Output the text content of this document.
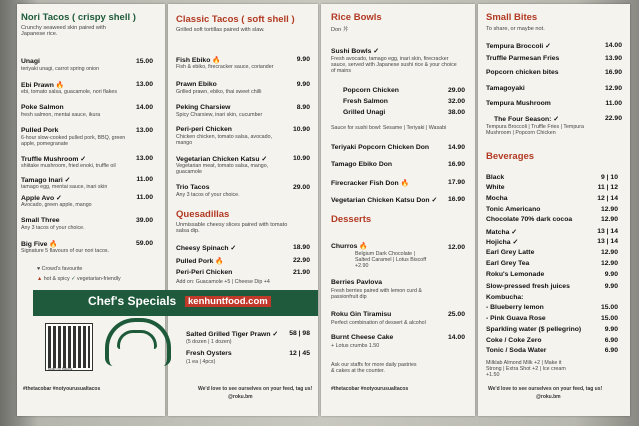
Nori Tacos ( crispy shell )
Crunchy seaweed skin paired with Japanese rice.
Unagi	15.00
teriyaki unagi, carrot spring onion
Ebi Prawn 🔥	13.00
ebi, tomato salsa, guacamole, nori flakes
Poke Salmon	14.00
fresh salmon, mentai sauce, ikura
Pulled Pork	13.00
6-hour slow-cooked pulled pork, BBQ, green apple, pomegranate
Truffle Mushroom ✓	13.00
shiitake mushroom, fried enoki, truffle oil
Tamago Inari ✓	11.00
tamago egg, mentai sauce, inari skin
Apple Avo ✓	11.00
Avocado, green apple, mango
Small Three	39.00
Any 3 tacos of your choice.
Big Five 🔥	59.00
Signature 5 flavours of our nori tacos.
♥ Crowd's favourite
▲ hot & spicy ✓ vegetarian-friendly
#thetacobar #notyourusualtacos
Classic Tacos ( soft shell )
Grilled soft tortillas paired with slaw.
Fish Ebiko 🔥	9.90
Fish & ebiko, firecracker sauce, coriander
Prawn Ebiko	9.90
Grilled prawn, ebiko, thai sweet chilli
Peking Charsiew	8.90
Spicy Charsiew, inari skin, cucumber
Peri-peri Chicken	10.90
Chicken chicken, tomato salsa, avocado, mango
Vegetarian Chicken Katsu ✓	10.90
Vegetarian meat, tomato salsa, mango, guacamole
Trio Tacos	29.00
Any 3 tacos of your choice.
Quesadillas
Unmissable cheesy slices paired with tomato salsa dip.
Cheesy Spinach ✓	18.90
Pulled Pork 🔥	22.90
Peri-Peri Chicken	21.90
Add on: Guacamole +5 | Cheese Dip +4
Salted Grilled Tiger Prawn ✓ 58 | 98
(5 dozen | 1 dozen)
Fresh Oysters	12 | 45
(1 ea | 4pcs)
We'd love to see ourselves on your feed, tag us!
@roku.bm
Chef's Specials	kenhuntfood.com
scan to follow
Rice Bowls
Don 丼
Sushi Bowls ✓
Fresh avocado, tamago egg, inari skin, firecracker sauce, served with Japanese sushi rice & your choice of mains
Popcorn Chicken	29.00
Fresh Salmon	32.00
Grilled Unagi	38.00
Sauce for sushi bowl: Sesame | Teriyaki | Wasabi
Teriyaki Popcorn Chicken Don	14.90
Tamago Ebiko Don	16.90
Firecracker Fish Don 🔥	17.90
Vegetarian Chicken Katsu Don ✓ 16.90
Desserts
Churros 🔥	12.00
Belgium Dark Chocolate | Salted Caramel | Lotus Biscoff +2.90
Berries Pavlova
Fresh berries paired with lemon curd & passionfruit dip
Roku Gin Tiramisu	25.00
Perfect combination of dessert & alcohol
Burnt Cheese Cake	14.00
+ Lotus crumbs 1.50
Ask our staffs for more daily pastries & cakes at the counter.
#thetacobar #notyourusualtacos
Small Bites
To share, or maybe not.
Tempura Broccoli ✓	14.00
Truffle Parmesan Fries	13.90
Popcorn chicken bites	16.90
Tamagoyaki	12.90
Tempura Mushroom	11.00
The Four Season: ✓	22.90
Tempura Broccoli | Truffle Fries | Tempura Mushroom | Popcorn Chicken
Beverages
Black	9 | 10
White	11 | 12
Mocha	12 | 14
Tonic Americano	12.90
Chocolate 70% dark cocoa	12.90
Matcha ✓	13 | 14
Hojicha ✓	13 | 14
Earl Grey Latte	12.90
Earl Grey Tea	12.90
Roku's Lemonade	9.90
Slow-pressed fresh juices	9.90
Kombucha:
- Blueberry lemon	15.00
- Pink Guava Rose	15.00
Sparkling water ($ pellegrino)	9.90
Coke / Coke Zero	6.90
Tonic / Soda Water	6.90
Milklab Almond Milk +2 | Make it Strong | Extra Shot +2 | Ice cream +1.50
We'd love to see ourselves on your feed, tag us!
@roku.bm
